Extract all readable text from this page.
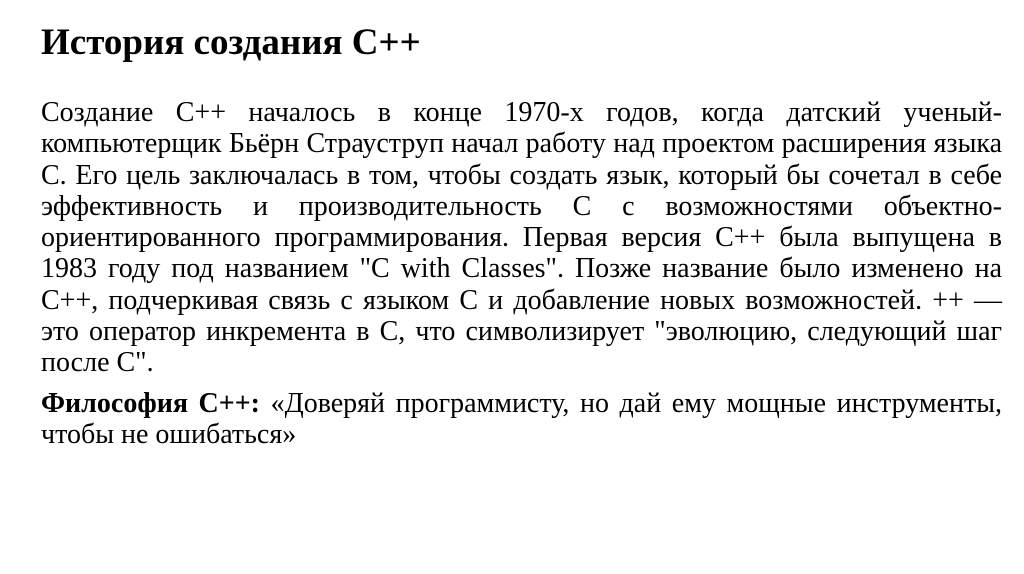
История создания C++

Создание C++ началось в конце 1970-х годов, когда датский ученый-компьютерщик Бьёрн Страуструп начал работу над проектом расширения языка C. Его цель заключалась в том, чтобы создать язык, который бы сочетал в себе эффективность и производительность C с возможностями объектно-ориентированного программирования. Первая версия C++ была выпущена в 1983 году под названием "C with Classes". Позже название было изменено на C++, подчеркивая связь с языком C и добавление новых возможностей. ++ — это оператор инкремента в C, что символизирует "эволюцию, следующий шаг после C".

Философия C++: «Доверяй программисту, но дай ему мощные инструменты, чтобы не ошибаться»
